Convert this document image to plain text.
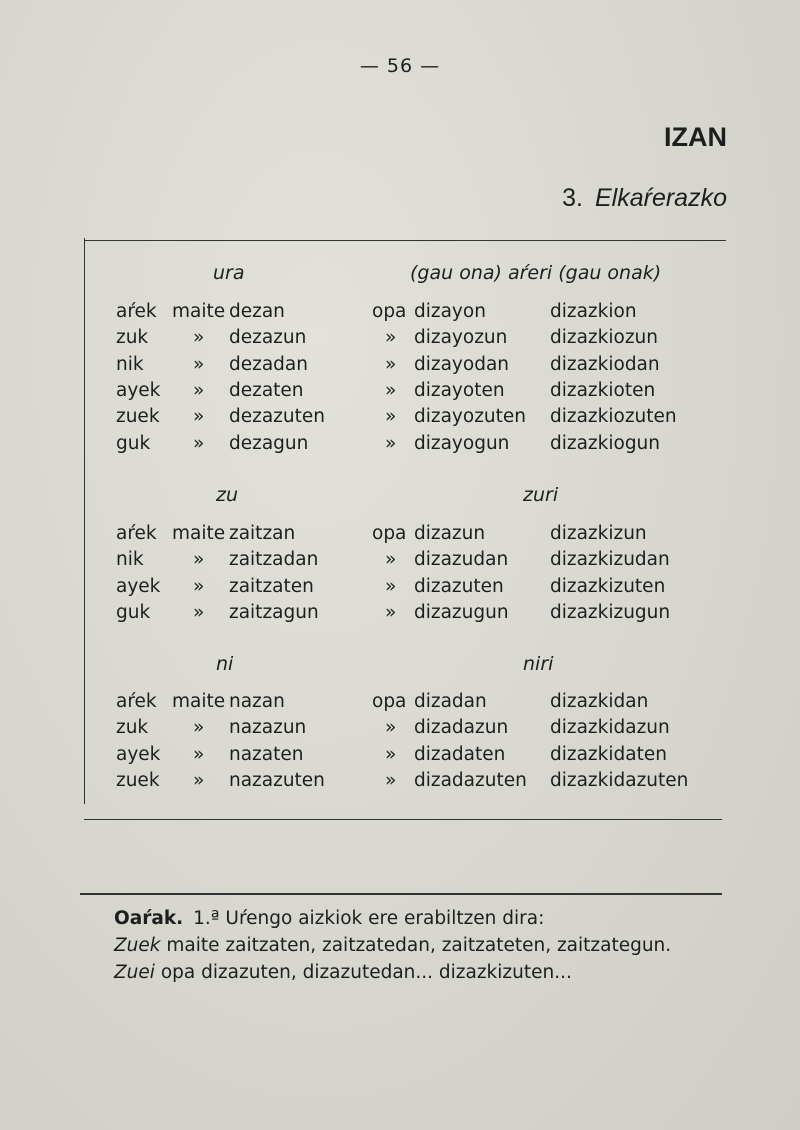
— 56 —
IZAN
3. Elkaŕerazko
ura	(gau ona) aŕeri (gau onak)
aŕek maite dezan	opa dizayon	dizazkion
zuk » dezazun	» dizayozun dizazkiozun
nik	» dezadan	» dizayodan dizazkiodan
ayek » dezaten	» dizayoten dizazkioten
zuek » dezazuten	» dizayozuten dizazkiozuten
guk » dezagun	» dizayogun dizazkiogun
zu	zuri
aŕek maite zaitzan	opa dizazun	dizazkizun
nik	» zaitzadan	» dizazudan dizazkizudan
ayek » zaitzaten	» dizazuten	dizazkizuten
guk » zaitzagun	» dizazugun dizazkizugun
ni	niri
aŕek maite nazan	opa dizadan	dizazkidan
zuk » nazazun	» dizadazun dizazkidazun
ayek » nazaten	» dizadaten dizazkidaten
zuek » nazazuten	» dizadazuten dizazkidazuten
Oaŕak. 1.ª Uŕengo aizkiok ere erabiltzen dira:
Zuek maite zaitzaten, zaitzatedan, zaitzateten, zaitzategun.
Zuei opa dizazuten, dizazutedan... dizazkizuten...
